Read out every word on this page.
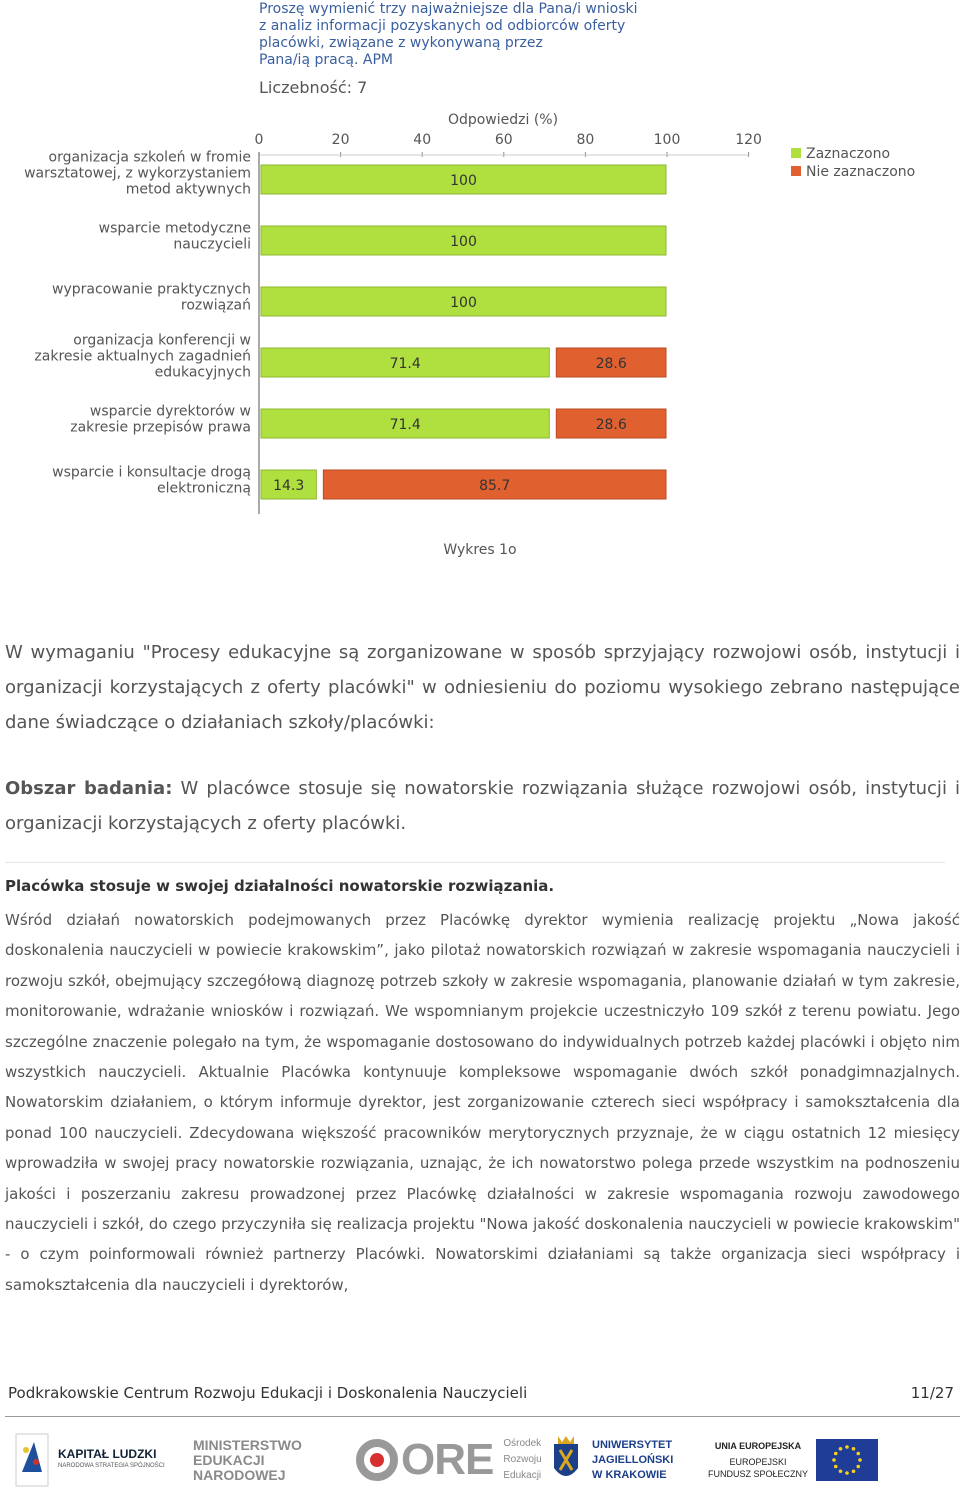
Proszę wymienić trzy najważniejsze dla Pana/i wnioski
z analiz informacji pozyskanych od odbiorców oferty
placówki, związane z wykonywaną przez
Pana/ią pracą. APM
Liczebność: 7
Odpowiedzi (%)
0	20	40	60	80	100	120
100
organizacja szkoleń w fromie
warsztatowej, z wykorzystaniem
metod aktywnych
100
wsparcie metodyczne
nauczycieli
100
wypracowanie praktycznych
rozwiązań
71.4	28.6
organizacja konferencji w
zakresie aktualnych zagadnień
edukacyjnych
71.4	28.6
wsparcie dyrektorów w
zakresie przepisów prawa
14.3	85.7
wsparcie i konsultacje drogą
elektroniczną
Zaznaczono
Nie zaznaczono
Wykres 1o
W wymaganiu "Procesy edukacyjne są zorganizowane w sposób sprzyjający rozwojowi osób, instytucji i organizacji korzystających z oferty placówki" w odniesieniu do poziomu wysokiego zebrano następujące dane świadczące o działaniach szkoły/placówki:
Obszar badania: W placówce stosuje się nowatorskie rozwiązania służące rozwojowi osób, instytucji i organizacji korzystających z oferty placówki.
Placówka stosuje w swojej działalności nowatorskie rozwiązania.
Wśród działań nowatorskich podejmowanych przez Placówkę dyrektor wymienia realizację projektu „Nowa jakość doskonalenia nauczycieli w powiecie krakowskim”, jako pilotaż nowatorskich rozwiązań w zakresie wspomagania nauczycieli i rozwoju szkół, obejmujący szczegółową diagnozę potrzeb szkoły w zakresie wspomagania, planowanie działań w tym zakresie, monitorowanie, wdrażanie wniosków i rozwiązań. We wspomnianym projekcie uczestniczyło 109 szkół z terenu powiatu. Jego szczególne znaczenie polegało na tym, że wspomaganie dostosowano do indywidualnych potrzeb każdej placówki i objęto nim wszystkich nauczycieli. Aktualnie Placówka kontynuuje kompleksowe wspomaganie dwóch szkół ponadgimnazjalnych. Nowatorskim działaniem, o którym informuje dyrektor, jest zorganizowanie czterech sieci współpracy i samokształcenia dla ponad 100 nauczycieli. Zdecydowana większość pracowników merytorycznych przyznaje, że w ciągu ostatnich 12 miesięcy wprowadziła w swojej pracy nowatorskie rozwiązania, uznając, że ich nowatorstwo polega przede wszystkim na podnoszeniu jakości i poszerzaniu zakresu prowadzonej przez Placówkę działalności w zakresie wspomagania rozwoju zawodowego nauczycieli i szkół, do czego przyczyniła się realizacja projektu "Nowa jakość doskonalenia nauczycieli w powiecie krakowskim" - o czym poinformowali również partnerzy Placówki. Nowatorskimi działaniami są także organizacja sieci współpracy i samokształcenia dla nauczycieli i dyrektorów,
Podkrakowskie Centrum Rozwoju Edukacji i Doskonalenia Nauczycieli	11/27
KAPITAŁ LUDZKI
NARODOWA STRATEGIA SPÓJNOŚCI
MINISTERSTWO
EDUKACJI
NARODOWEJ	ORE Ośrodek
Rozwoju
Edukacji
UNIWERSYTET
JAGIELLOŃSKI
W KRAKOWIE
UNIA EUROPEJSKA
EUROPEJSKI
FUNDUSZ SPOŁECZNY
